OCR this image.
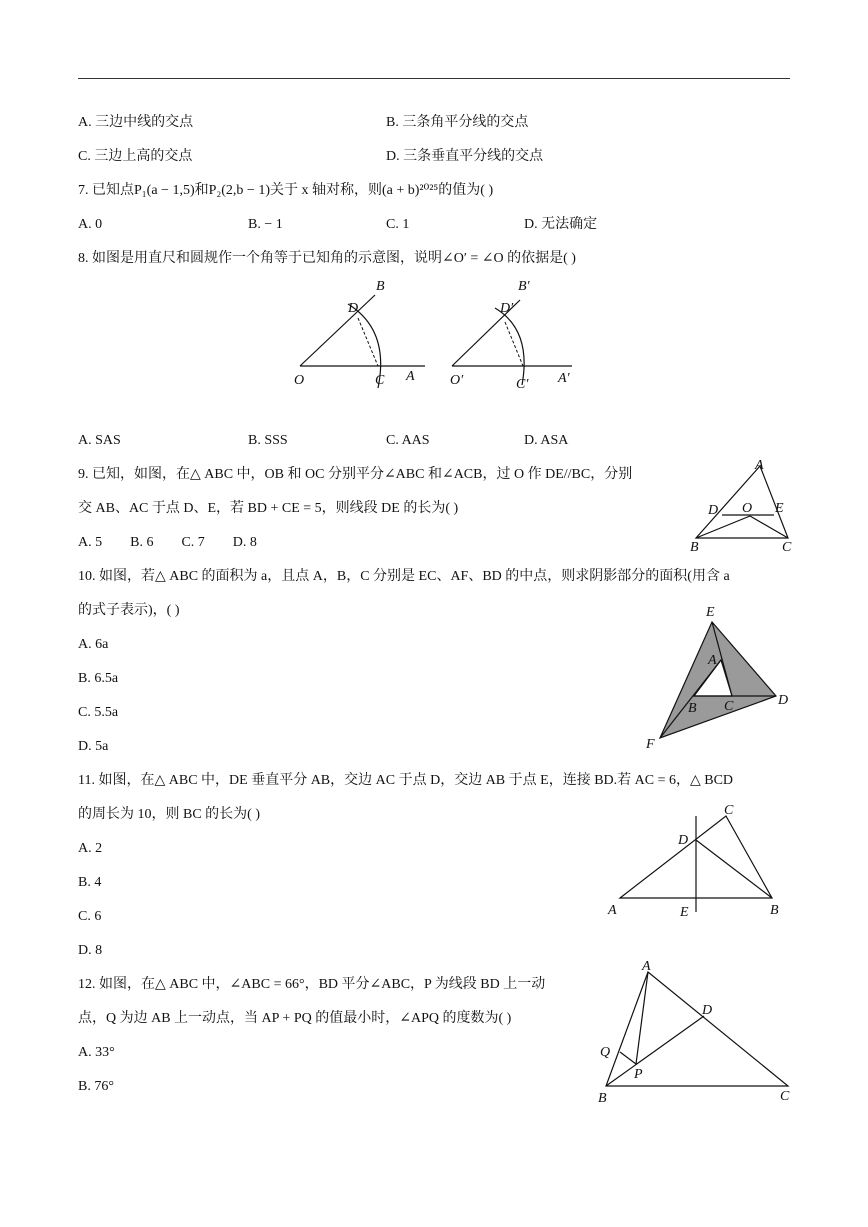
A. 三边中线的交点	B. 三条角平分线的交点
C. 三边上高的交点	D. 三条垂直平分线的交点
7. 已知点P₁(a − 1,5)和P₂(2,b − 1)关于 x 轴对称，则(a + b)²⁰²⁵的值为( )
A. 0	B. − 1	C. 1	D. 无法确定
8. 如图是用直尺和圆规作一个角等于已知角的示意图，说明∠O′ = ∠O 的依据是( )
O
D
B
C A	O′
D′
B′
C′ A′
A. SAS	B. SSS	C. AAS	D. ASA
9. 已知，如图，在△ ABC 中，OB 和 OC 分别平分∠ABC 和∠ACB，过 O 作 DE//BC，分别
交 AB、AC 于点 D、E，若 BD + CE = 5，则线段 DE 的长为( )
A. 5        B. 6        C. 7        D. 8
A
D O E
B	C
10. 如图，若△ ABC 的面积为 a，且点 A，B，C 分别是 EC、AF、BD 的中点，则求阴影部分的面积(用含 a
的式子表示)，( )
A. 6a
B. 6.5a
C. 5.5a
D. 5a
E
A
B C	D
F
11. 如图，在△ ABC 中，DE 垂直平分 AB，交边 AC 于点 D，交边 AB 于点 E，连接 BD.若 AC = 6，△ BCD
的周长为 10，则 BC 的长为( )
A. 2
B. 4
C. 6
D. 8
C
D
A	E	B
12. 如图，在△ ABC 中，∠ABC = 66°，BD 平分∠ABC，P 为线段 BD 上一动
点，Q 为边 AB 上一动点，当 AP + PQ 的值最小时，∠APQ 的度数为( )
A. 33°
B. 76°
A
D
Q
P
B	C
